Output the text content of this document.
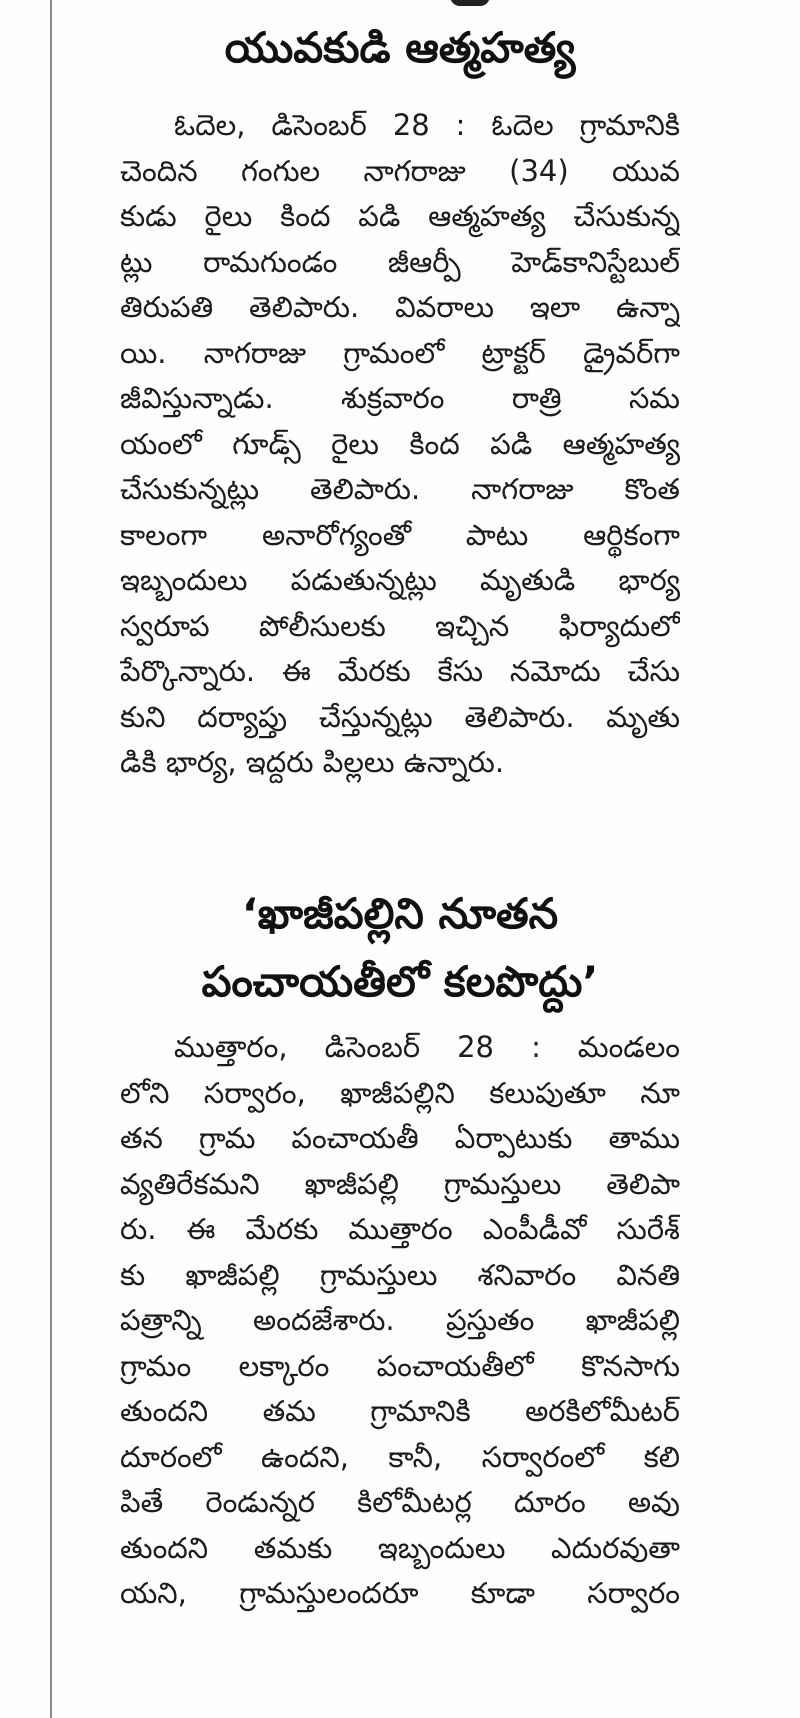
యువకుడి ఆత్మహత్య
ఓదెల, డిసెంబర్ 28 : ఓదెల గ్రామానికి
చెందిన గంగుల నాగరాజు (34) యువ
కుడు రైలు కింద పడి ఆత్మహత్య చేసుకున్న
ట్లు రామగుండం జీఆర్పీ హెడ్‌కానిస్టేబుల్
తిరుపతి తెలిపారు. వివరాలు ఇలా ఉన్నా
యి. నాగరాజు గ్రామంలో ట్రాక్టర్ డ్రైవర్‌గా
జీవిస్తున్నాడు. శుక్రవారం రాత్రి సమ
యంలో గూడ్స్ రైలు కింద పడి ఆత్మహత్య
చేసుకున్నట్లు తెలిపారు. నాగరాజు కొంత
కాలంగా అనారోగ్యంతో పాటు ఆర్థికంగా
ఇబ్బందులు పడుతున్నట్లు మృతుడి భార్య
స్వరూప పోలీసులకు ఇచ్చిన ఫిర్యాదులో
పేర్కొన్నారు. ఈ మేరకు కేసు నమోదు చేసు
కుని దర్యాప్తు చేస్తున్నట్లు తెలిపారు. మృతు
డికి భార్య, ఇద్దరు పిల్లలు ఉన్నారు.
‘ఖాజీపల్లిని నూతన
పంచాయతీలో కలపొద్దు’
ముత్తారం, డిసెంబర్ 28 : మండలం
లోని సర్వారం, ఖాజీపల్లిని కలుపుతూ నూ
తన గ్రామ పంచాయతీ ఏర్పాటుకు తాము
వ్యతిరేకమని ఖాజీపల్లి గ్రామస్తులు తెలిపా
రు. ఈ మేరకు ముత్తారం ఎంపీడీవో సురేశ్
కు ఖాజీపల్లి గ్రామస్తులు శనివారం వినతి
పత్రాన్ని అందజేశారు. ప్రస్తుతం ఖాజీపల్లి
గ్రామం లక్కారం పంచాయతీలో కొనసాగు
తుందని తమ గ్రామానికి అరకిలోమీటర్
దూరంలో ఉందని, కానీ, సర్వారంలో కలి
పితే రెండున్నర కిలోమీటర్ల దూరం అవు
తుందని తమకు ఇబ్బందులు ఎదురవుతా
యని, గ్రామస్తులందరూ కూడా సర్వారం
